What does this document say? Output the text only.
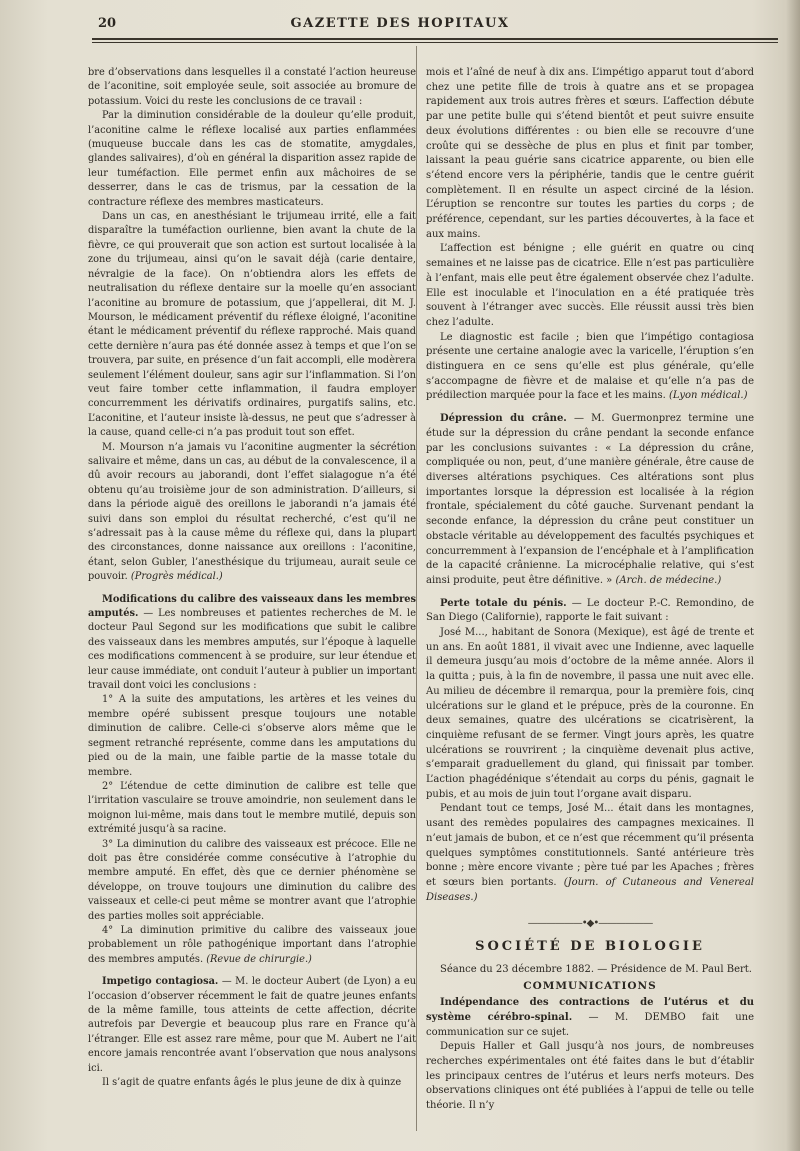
20	GAZETTE DES HOPITAUX

bre d’observations dans lesquelles il a constaté l’action heureuse de l’aconitine, soit employée seule, soit associée au bromure de potassium. Voici du reste les conclusions de ce travail :

Par la diminution considérable de la douleur qu’elle produit, l’aconitine calme le réflexe localisé aux parties enflammées (muqueuse buccale dans les cas de stomatite, amygdales, glandes salivaires), d’où en général la disparition assez rapide de leur tuméfaction. Elle permet enfin aux mâchoires de se desserrer, dans le cas de trismus, par la cessation de la contracture réflexe des membres masticateurs.

Dans un cas, en anesthésiant le trijumeau irrité, elle a fait disparaître la tuméfaction ourlienne, bien avant la chute de la fièvre, ce qui prouverait que son action est surtout localisée à la zone du trijumeau, ainsi qu’on le savait déjà (carie dentaire, névralgie de la face). On n’obtiendra alors les effets de neutralisation du réflexe dentaire sur la moelle qu’en associant l’aconitine au bromure de potassium, que j’appellerai, dit M. J. Mourson, le médicament préventif du réflexe éloigné, l’aconitine étant le médicament préventif du réflexe rapproché. Mais quand cette dernière n’aura pas été donnée assez à temps et que l’on se trouvera, par suite, en présence d’un fait accompli, elle modèrera seulement l’élément douleur, sans agir sur l’inflammation. Si l’on veut faire tomber cette inflammation, il faudra employer concurremment les dérivatifs ordinaires, purgatifs salins, etc. L’aconitine, et l’auteur insiste là-dessus, ne peut que s’adresser à la cause, quand celle-ci n’a pas produit tout son effet.

M. Mourson n’a jamais vu l’aconitine augmenter la sécrétion salivaire et même, dans un cas, au début de la convalescence, il a dû avoir recours au jaborandi, dont l’effet sialagogue n’a été obtenu qu’au troisième jour de son administration. D’ailleurs, si dans la période aiguë des oreillons le jaborandi n’a jamais été suivi dans son emploi du résultat recherché, c’est qu’il ne s’adressait pas à la cause même du réflexe qui, dans la plupart des circonstances, donne naissance aux oreillons : l’aconitine, étant, selon Gubler, l’anesthésique du trijumeau, aurait seule ce pouvoir. (Progrès médical.)

Modifications du calibre des vaisseaux dans les membres amputés. — Les nombreuses et patientes recherches de M. le docteur Paul Segond sur les modifications que subit le calibre des vaisseaux dans les membres amputés, sur l’époque à laquelle ces modifications commencent à se produire, sur leur étendue et leur cause immédiate, ont conduit l’auteur à publier un important travail dont voici les conclusions :

1° A la suite des amputations, les artères et les veines du membre opéré subissent presque toujours une notable diminution de calibre. Celle-ci s’observe alors même que le segment retranché représente, comme dans les amputations du pied ou de la main, une faible partie de la masse totale du membre.

2° L’étendue de cette diminution de calibre est telle que l’irritation vasculaire se trouve amoindrie, non seulement dans le moignon lui-même, mais dans tout le membre mutilé, depuis son extrémité jusqu’à sa racine.

3° La diminution du calibre des vaisseaux est précoce. Elle ne doit pas être considérée comme consécutive à l’atrophie du membre amputé. En effet, dès que ce dernier phénomène se développe, on trouve toujours une diminution du calibre des vaisseaux et celle-ci peut même se montrer avant que l’atrophie des parties molles soit appréciable.

4° La diminution primitive du calibre des vaisseaux joue probablement un rôle pathogénique important dans l’atrophie des membres amputés. (Revue de chirurgie.)

Impetigo contagiosa. — M. le docteur Aubert (de Lyon) a eu l’occasion d’observer récemment le fait de quatre jeunes enfants de la même famille, tous atteints de cette affection, décrite autrefois par Devergie et beaucoup plus rare en France qu’à l’étranger. Elle est assez rare même, pour que M. Aubert ne l’ait encore jamais rencontrée avant l’observation que nous analysons ici.

Il s’agit de quatre enfants âgés le plus jeune de dix à quinze

mois et l’aîné de neuf à dix ans. L’impétigo apparut tout d’abord chez une petite fille de trois à quatre ans et se propagea rapidement aux trois autres frères et sœurs. L’affection débute par une petite bulle qui s’étend bientôt et peut suivre ensuite deux évolutions différentes : ou bien elle se recouvre d’une croûte qui se dessèche de plus en plus et finit par tomber, laissant la peau guérie sans cicatrice apparente, ou bien elle s’étend encore vers la périphérie, tandis que le centre guérit complètement. Il en résulte un aspect circiné de la lésion. L’éruption se rencontre sur toutes les parties du corps ; de préférence, cependant, sur les parties découvertes, à la face et aux mains.

L’affection est bénigne ; elle guérit en quatre ou cinq semaines et ne laisse pas de cicatrice. Elle n’est pas particulière à l’enfant, mais elle peut être également observée chez l’adulte. Elle est inoculable et l’inoculation en a été pratiquée très souvent à l’étranger avec succès. Elle réussit aussi très bien chez l’adulte.

Le diagnostic est facile ; bien que l’impétigo contagiosa présente une certaine analogie avec la varicelle, l’éruption s’en distinguera en ce sens qu’elle est plus générale, qu’elle s’accompagne de fièvre et de malaise et qu’elle n’a pas de prédilection marquée pour la face et les mains. (Lyon médical.)

Dépression du crâne. — M. Guermonprez termine une étude sur la dépression du crâne pendant la seconde enfance par les conclusions suivantes : « La dépression du crâne, compliquée ou non, peut, d’une manière générale, être cause de diverses altérations psychiques. Ces altérations sont plus importantes lorsque la dépression est localisée à la région frontale, spécialement du côté gauche. Survenant pendant la seconde enfance, la dépression du crâne peut constituer un obstacle véritable au développement des facultés psychiques et concurremment à l’expansion de l’encéphale et à l’amplification de la capacité crânienne. La microcéphalie relative, qui s’est ainsi produite, peut être définitive. » (Arch. de médecine.)

Perte totale du pénis. — Le docteur P.-C. Remondino, de San Diego (Californie), rapporte le fait suivant :

José M..., habitant de Sonora (Mexique), est âgé de trente et un ans. En août 1881, il vivait avec une Indienne, avec laquelle il demeura jusqu’au mois d’octobre de la même année. Alors il la quitta ; puis, à la fin de novembre, il passa une nuit avec elle. Au milieu de décembre il remarqua, pour la première fois, cinq ulcérations sur le gland et le prépuce, près de la couronne. En deux semaines, quatre des ulcérations se cicatrisèrent, la cinquième refusant de se fermer. Vingt jours après, les quatre ulcérations se rouvrirent ; la cinquième devenait plus active, s’emparait graduellement du gland, qui finissait par tomber. L’action phagédénique s’étendait au corps du pénis, gagnait le pubis, et au mois de juin tout l’organe avait disparu.

Pendant tout ce temps, José M... était dans les montagnes, usant des remèdes populaires des campagnes mexicaines. Il n’eut jamais de bubon, et ce n’est que récemment qu’il présenta quelques symptômes constitutionnels. Santé antérieure très bonne ; mère encore vivante ; père tué par les Apaches ; frères et sœurs bien portants. (Journ. of Cutaneous and Venereal Diseases.)

——————•◆•——————
SOCIÉTÉ DE BIOLOGIE

Séance du 23 décembre 1882. — Présidence de M. Paul Bert.

COMMUNICATIONS

Indépendance des contractions de l’utérus et du système cérébro-spinal. — M. DEMBO fait une communication sur ce sujet.

Depuis Haller et Gall jusqu’à nos jours, de nombreuses recherches expérimentales ont été faites dans le but d’établir les principaux centres de l’utérus et leurs nerfs moteurs. Des observations cliniques ont été publiées à l’appui de telle ou telle théorie. Il n’y
